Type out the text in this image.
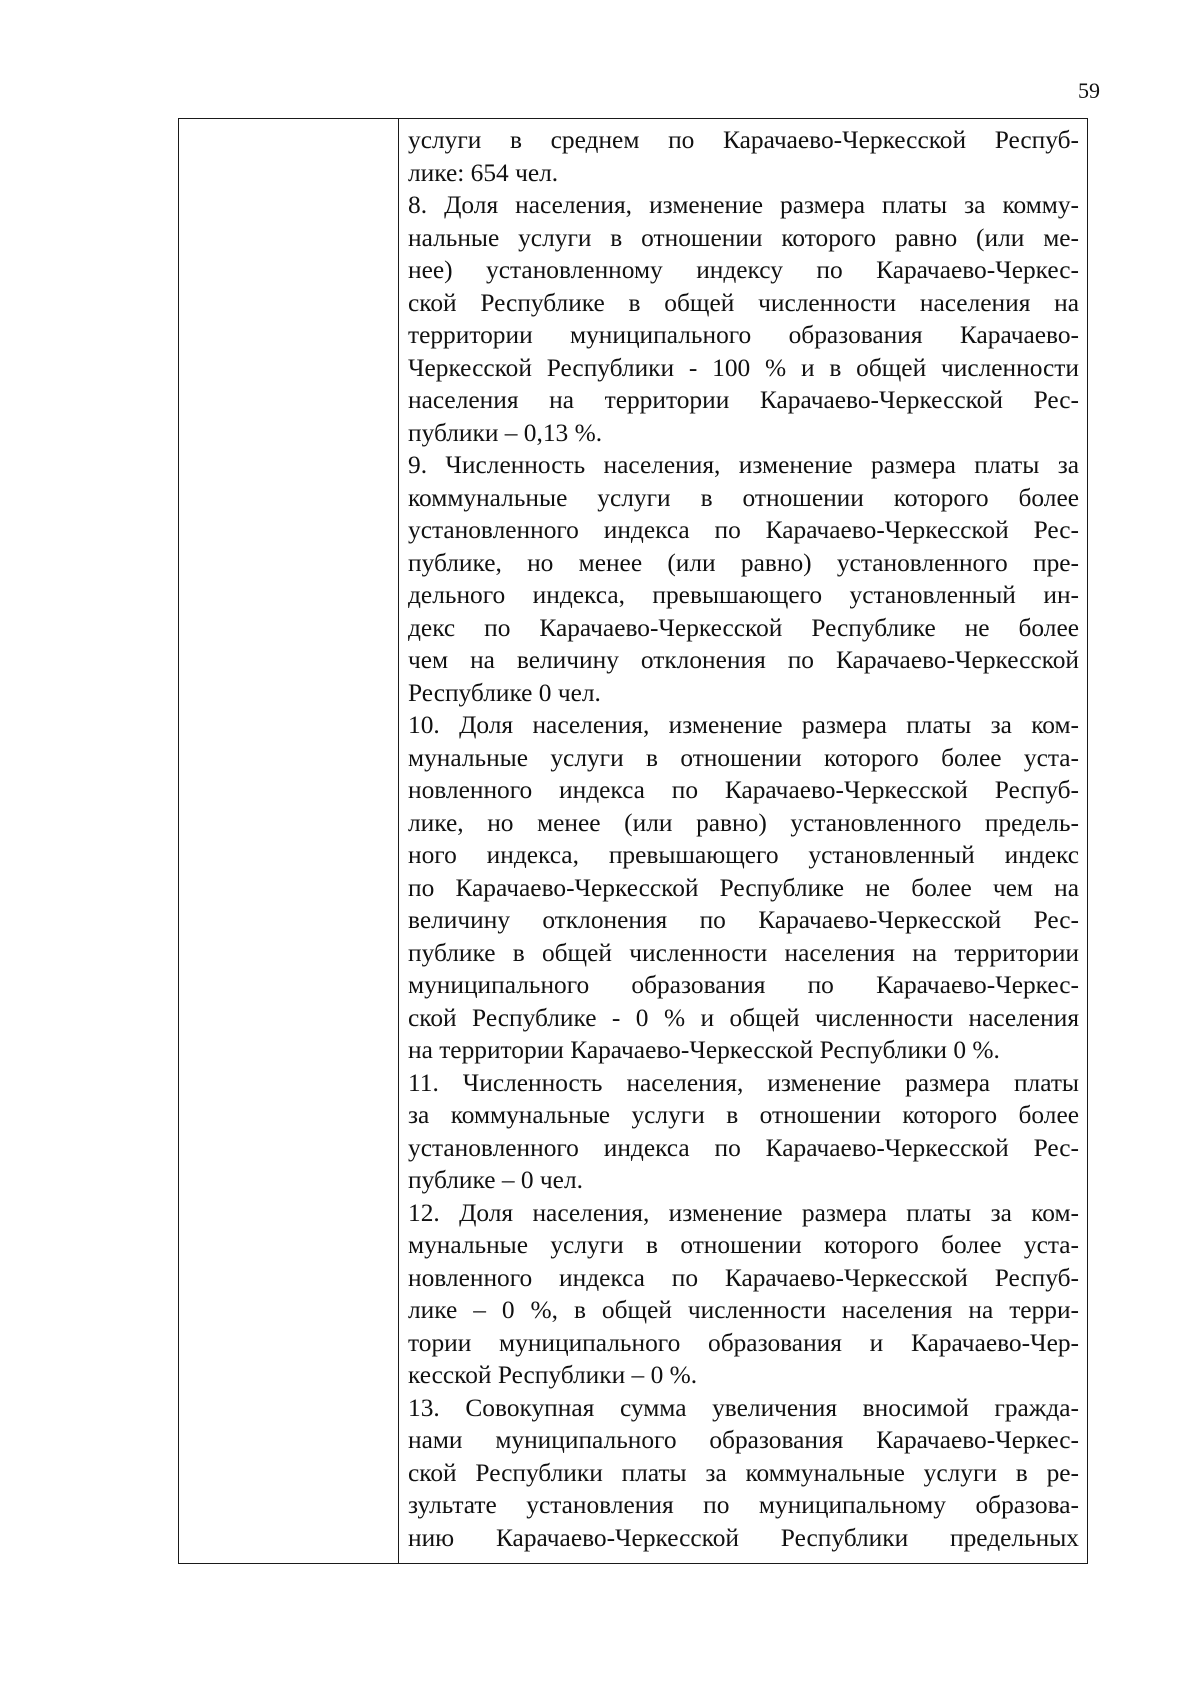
59
услуги в среднем по Карачаево-Черкесской Респуб-
лике: 654 чел.
8. Доля населения, изменение размера платы за комму-
нальные услуги в отношении которого равно (или ме-
нее) установленному индексу по Карачаево-Черкес-
ской Республике в общей численности населения на
территории муниципального образования Карачаево-
Черкесской Республики - 100 % и в общей численности
населения на территории Карачаево-Черкесской Рес-
публики – 0,13 %.
9. Численность населения, изменение размера платы за
коммунальные услуги в отношении которого более
установленного индекса по Карачаево-Черкесской Рес-
публике, но менее (или равно) установленного пре-
дельного индекса, превышающего установленный ин-
декс по Карачаево-Черкесской Республике не более
чем на величину отклонения по Карачаево-Черкесской
Республике 0 чел.
10. Доля населения, изменение размера платы за ком-
мунальные услуги в отношении которого более уста-
новленного индекса по Карачаево-Черкесской Респуб-
лике, но менее (или равно) установленного предель-
ного индекса, превышающего установленный индекс
по Карачаево-Черкесской Республике не более чем на
величину отклонения по Карачаево-Черкесской Рес-
публике в общей численности населения на территории
муниципального образования по Карачаево-Черкес-
ской Республике - 0 % и общей численности населения
на территории Карачаево-Черкесской Республики 0 %.
11. Численность населения, изменение размера платы
за коммунальные услуги в отношении которого более
установленного индекса по Карачаево-Черкесской Рес-
публике – 0 чел.
12. Доля населения, изменение размера платы за ком-
мунальные услуги в отношении которого более уста-
новленного индекса по Карачаево-Черкесской Респуб-
лике – 0 %, в общей численности населения на терри-
тории муниципального образования и Карачаево-Чер-
кесской Республики – 0 %.
13. Совокупная сумма увеличения вносимой гражда-
нами муниципального образования Карачаево-Черкес-
ской Республики платы за коммунальные услуги в ре-
зультате установления по муниципальному образова-
нию Карачаево-Черкесской Республики предельных
